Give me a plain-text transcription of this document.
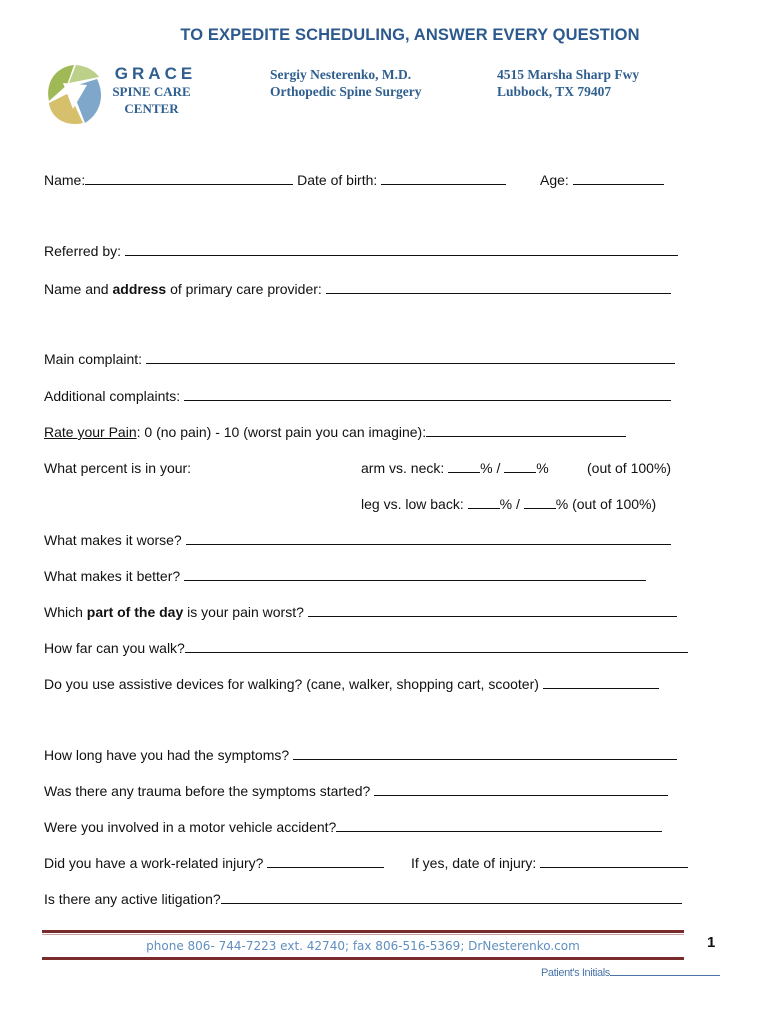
TO EXPEDITE SCHEDULING, ANSWER EVERY QUESTION
GRACE
SPINE CARE
CENTER
Sergiy Nesterenko, M.D.
Orthopedic Spine Surgery
4515 Marsha Sharp Fwy
Lubbock, TX 79407
Name:	Date of birth:	Age:
Referred by:
Name and address of primary care provider:
Main complaint:
Additional complaints:
Rate your Pain: 0 (no pain) - 10 (worst pain you can imagine):
What percent is in your:	arm vs. neck:	% /	%	(out of 100%)
leg vs. low back:	% /	% (out of 100%)
What makes it worse?
What makes it better?
Which part of the day is your pain worst?
How far can you walk?
Do you use assistive devices for walking? (cane, walker, shopping cart, scooter)
How long have you had the symptoms?
Was there any trauma before the symptoms started?
Were you involved in a motor vehicle accident?
Did you have a work-related injury?	If yes, date of injury:
Is there any active litigation?
phone 806- 744-7223 ext. 42740; fax 806-516-5369; DrNesterenko.com	1
Patient's Initials
